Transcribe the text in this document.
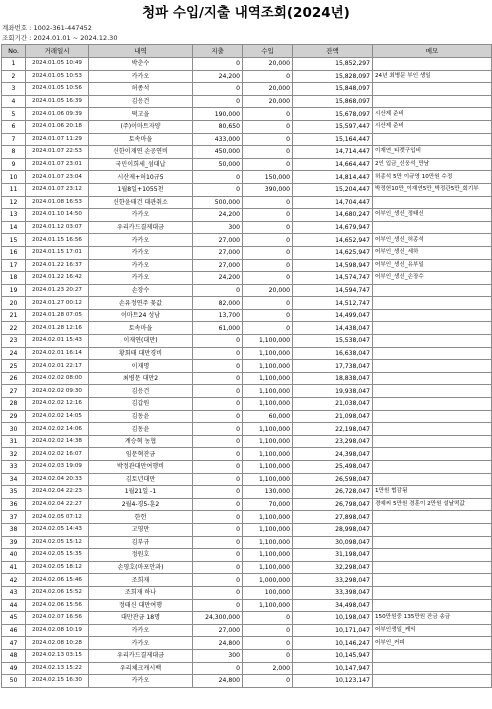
청파 수입/지출 내역조회(2024년)
계좌번호 : 1002-361-447452
조회기간 : 2024.01.01 ~ 2024.12.30
No.	거래일시	내역	지출	수입	잔액	메모
1	2024.01.05 10:49	박춘수	0	20,000	15,852,297	
2	2024.01.05 10:53	카카오	24,200	0	15,828,097	24년 최병문 부인 생일
3	2024.01.05 10:56	허종석	0	20,000	15,848,097	
4	2024.01.05 16:39	김응건	0	20,000	15,868,097	
5	2024.01.06 09:39	떡고을	190,000	0	15,678,097	시산제 준비
6	2024.01.06 20:18	(주)이마트자양	80,650	0	15,597,447	시산제 준비
7	2024.01.07 11:29	토속마을	433,000	0	15,164,447	
8	2024.01.07 22:53	신한이재연 손공연비	450,000	0	14,714,447	이재연_티켓구입비
9	2024.01.07 23:01	국민이희세_섬대납	50,000	0	14,664,447	2인 입금_신웅석_만남
10	2024.01.07 23:04	시산제+허10규5	0	150,000	14,814,447	허종석 5만 이규영 10만원 수정
11	2024.01.07 23:12	1월8일+1055천	0	390,000	15,204,447	박정헌10만_이재연5만_박정관5만_회기부
12	2024.01.08 16:53	신한윤태건 대관취소	500,000	0	14,704,447	
13	2024.01.10 14:50	카카오	24,200	0	14,680,247	어부인_생신_정태신
14	2024.01.12 03:07	우리카드결제대금	300	0	14,679,947	
15	2024.01.15 16:56	카카오	27,000	0	14,652,947	어부인_생신_허종석
16	2024.01.15 17:01	카카오	27,000	0	14,625,947	어부인_생신_세하
17	2024.01.22 16:37	카카오	27,000	0	14,598,947	어부인_생신_유부일
18	2024.01.22 16:42	카카오	24,200	0	14,574,747	어부인_생신_손장수
19	2024.01.23 20:27	손장수	0	20,000	14,594,747	
20	2024.01.27 00:12	손유정연주 꽃값	82,000	0	14,512,747	
21	2024.01.28 07:05	이마트24 성남	13,700	0	14,499,047	
22	2024.01.28 12:16	토속마을	61,000	0	14,438,047	
23	2024.02.01 15:43	이재연(대만)	0	1,100,000	15,538,047	
24	2024.02.01 16:14	황회태 대만경비	0	1,100,000	16,638,047	
25	2024.02.01 22:17	이재명	0	1,100,000	17,738,047	
26	2024.02.02 08:00	최병문 대만2	0	1,100,000	18,838,047	
27	2024.02.02 09:30	김응건	0	1,100,000	19,938,047	
28	2024.02.02 12:16	김갑원	0	1,100,000	21,038,047	
29	2024.02.02 14:05	김동윤	0	60,000	21,098,047	
30	2024.02.02 14:06	김동윤	0	1,100,000	22,198,047	
31	2024.02.02 14:38	계승혁 농협	0	1,100,000	23,298,047	
32	2024.02.02 16:07	임문혁잔금	0	1,100,000	24,398,047	
33	2024.02.03 19:09	박정관대만여행비	0	1,100,000	25,498,047	
34	2024.02.04 20:33	김토년대만	0	1,100,000	26,598,047	
35	2024.02.04 22:23	1월21일 -1	0	130,000	26,728,047	1만원 협감됨
36	2024.02.04 22:27	2월4-경5-훈2	0	70,000	26,798,047	경예씨 5만원 경훈이 2만원 설날떡값
37	2024.02.05 07:12	한헌	0	1,100,000	27,898,047	
38	2024.02.05 14:43	고영만	0	1,100,000	28,998,047	
39	2024.02.05 15:12	김부규	0	1,100,000	30,098,047	
40	2024.02.05 15:35	정원호	0	1,100,000	31,198,047	
41	2024.02.05 18:12	손영호(마포안과)	0	1,100,000	32,298,047	
42	2024.02.06 15:46	조희재	0	1,000,000	33,298,047	
43	2024.02.06 15:52	조희재 하나	0	100,000	33,398,047	
44	2024.02.06 15:56	정태신 대만여행	0	1,100,000	34,498,047	
45	2024.02.07 16:56	대만잔금 18명	24,300,000	0	10,198,047	150만원중 135만원 잔금 송금
46	2024.02.08 10:19	카카오	27,000	0	10,171,047	어부인생일_케익
47	2024.02.08 10:28	카카오	24,800	0	10,146,247	어부인_커피
48	2024.02.13 03:15	우리카드결제대금	300	0	10,145,947	
49	2024.02.13 15:22	우리체크캐시백	0	2,000	10,147,947	
50	2024.02.15 16:30	카카오	24,800	0	10,123,147	
